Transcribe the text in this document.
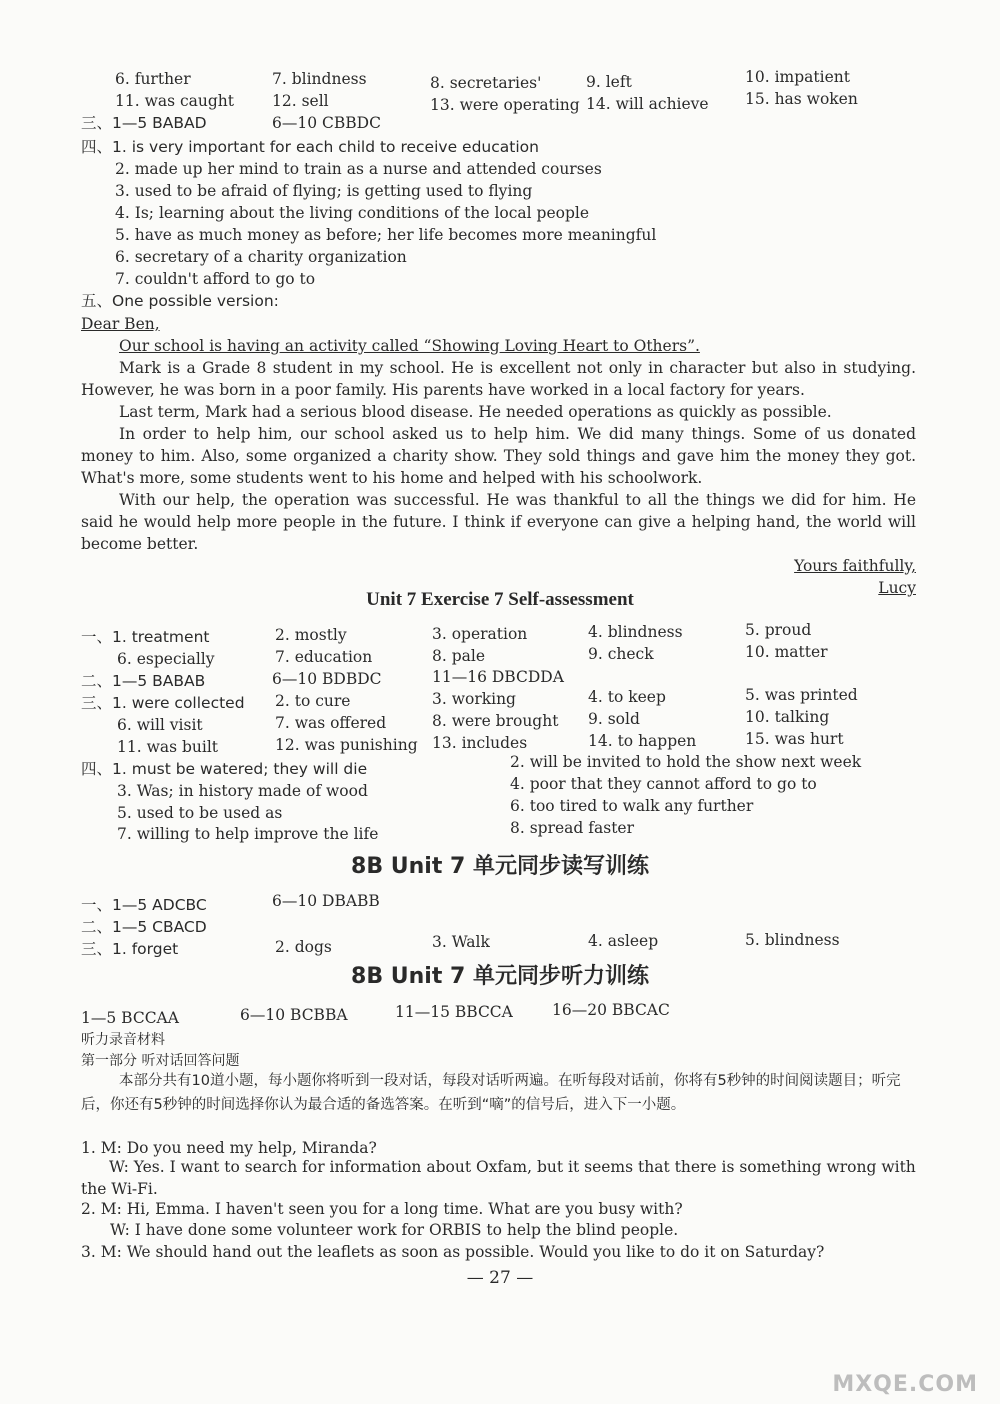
6. further	7. blindness	8. secretaries'	9. left	10. impatient
11. was caught 12. sell	13. were operating 14. will achieve 15. has woken
三、1—5 BABAD	6—10 CBBDC
四、1. is very important for each child to receive education
2. made up her mind to train as a nurse and attended courses
3. used to be afraid of flying; is getting used to flying
4. Is; learning about the living conditions of the local people
5. have as much money as before; her life becomes more meaningful
6. secretary of a charity organization
7. couldn't afford to go to
五、One possible version:
Dear Ben,

Our school is having an activity called “Showing Loving Heart to Others”.

Mark is a Grade 8 student in my school. He is excellent not only in character but also in studying. However, he was born in a poor family. His parents have worked in a local factory for years.

Last term, Mark had a serious blood disease. He needed operations as quickly as possible.

In order to help him, our school asked us to help him. We did many things. Some of us donated money to him. Also, some organized a charity show. They sold things and gave him the money they got. What's more, some students went to his home and helped with his schoolwork.

With our help, the operation was successful. He was thankful to all the things we did for him. He said he would help more people in the future. I think if everyone can give a helping hand, the world will become better.

Yours faithfully,

Lucy

Unit 7 Exercise 7 Self-assessment
一、1. treatment	2. mostly	3. operation	4. blindness	5. proud
6. especially	7. education	8. pale	9. check	10. matter
二、1—5 BABAB	6—10 BDBDC	11—16 DBCDDA
三、1. were collected 2. to cure	3. working	4. to keep	5. was printed
6. will visit	7. was offered	8. were brought 9. sold	10. talking
11. was built	12. was punishing 13. includes	14. to happen	15. was hurt
四、1. must be watered; they will die	2. will be invited to hold the show next week
3. Was; in history made of wood	4. poor that they cannot afford to go to
5. used to be used as	6. too tired to walk any further
7. willing to help improve the life	8. spread faster
8B Unit 7 单元同步读写训练
一、1—5 ADCBC	6—10 DBABB
二、1—5 CBACD
三、1. forget	2. dogs	3. Walk	4. asleep	5. blindness
8B Unit 7 单元同步听力训练
1—5 BCCAA	6—10 BCBBA	11—15 BBCCA	16—20 BBCAC
听力录音材料
第一部分 听对话回答问题
本部分共有10道小题，每小题你将听到一段对话，每段对话听两遍。在听每段对话前，你将有5秒钟的时间阅读题目；听完后，你还有5秒钟的时间选择你认为最合适的备选答案。在听到“嘀”的信号后，进入下一小题。
1. M: Do you need my help, Miranda?
W: Yes. I want to search for information about Oxfam, but it seems that there is something wrong with the Wi-Fi.
2. M: Hi, Emma. I haven't seen you for a long time. What are you busy with?
W: I have done some volunteer work for ORBIS to help the blind people.
3. M: We should hand out the leaflets as soon as possible. Would you like to do it on Saturday?
— 27 —
MXQE.COM
